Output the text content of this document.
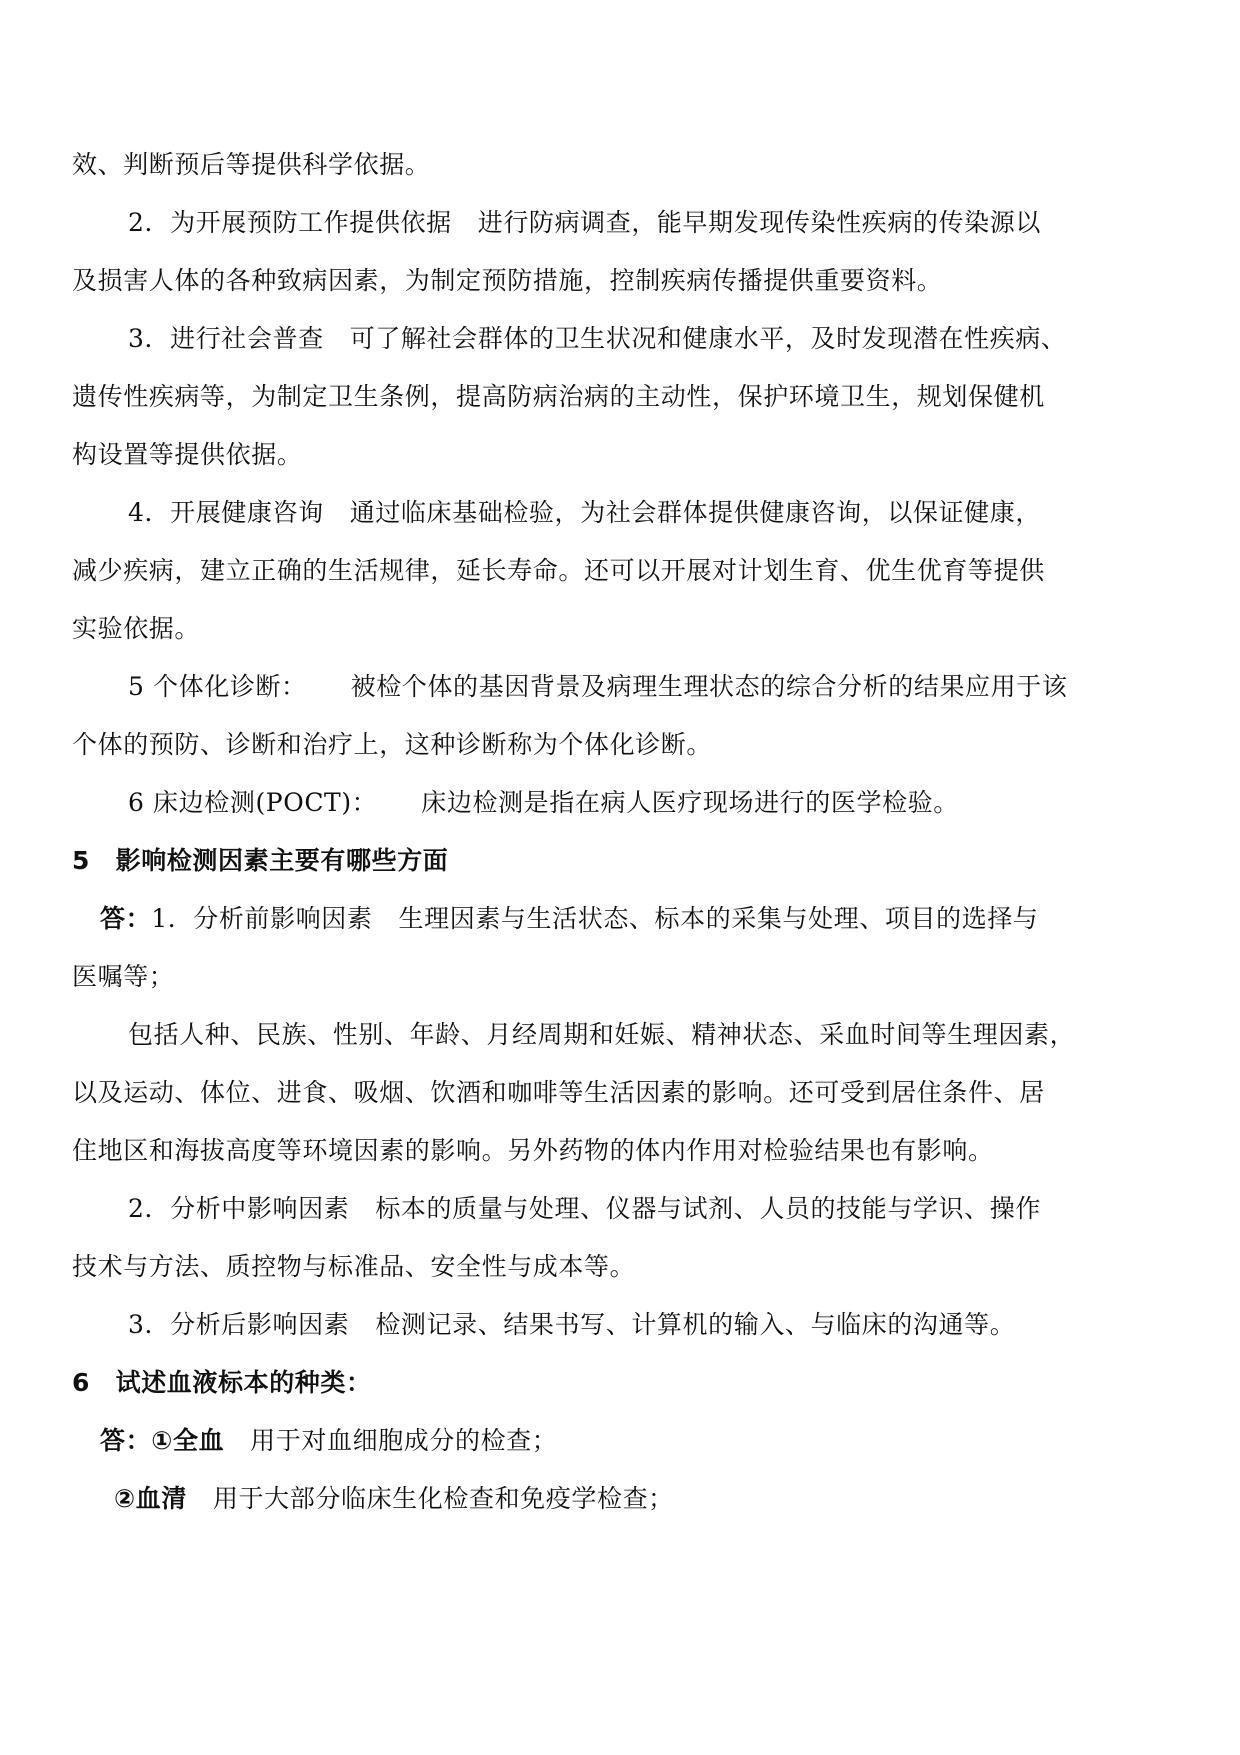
效、判断预后等提供科学依据。
2．为开展预防工作提供依据 进行防病调查，能早期发现传染性疾病的传染源以
及损害人体的各种致病因素，为制定预防措施，控制疾病传播提供重要资料。
3．进行社会普查 可了解社会群体的卫生状况和健康水平，及时发现潜在性疾病、
遗传性疾病等，为制定卫生条例，提高防病治病的主动性，保护环境卫生，规划保健机
构设置等提供依据。
4．开展健康咨询 通过临床基础检验，为社会群体提供健康咨询，以保证健康，
减少疾病，建立正确的生活规律，延长寿命。还可以开展对计划生育、优生优育等提供
实验依据。
5 个体化诊断： 被检个体的基因背景及病理生理状态的综合分析的结果应用于该
个体的预防、诊断和治疗上，这种诊断称为个体化诊断。
6 床边检测(POCT)： 床边检测是指在病人医疗现场进行的医学检验。
5　影响检测因素主要有哪些方面
答：1．分析前影响因素 生理因素与生活状态、标本的采集与处理、项目的选择与
医嘱等；
包括人种、民族、性别、年龄、月经周期和妊娠、精神状态、采血时间等生理因素，
以及运动、体位、进食、吸烟、饮酒和咖啡等生活因素的影响。还可受到居住条件、居
住地区和海拔高度等环境因素的影响。另外药物的体内作用对检验结果也有影响。
2．分析中影响因素 标本的质量与处理、仪器与试剂、人员的技能与学识、操作
技术与方法、质控物与标准品、安全性与成本等。
3．分析后影响因素 检测记录、结果书写、计算机的输入、与临床的沟通等。
6　试述血液标本的种类：
答：①全血 用于对血细胞成分的检查；
②血清 用于大部分临床生化检查和免疫学检查；
